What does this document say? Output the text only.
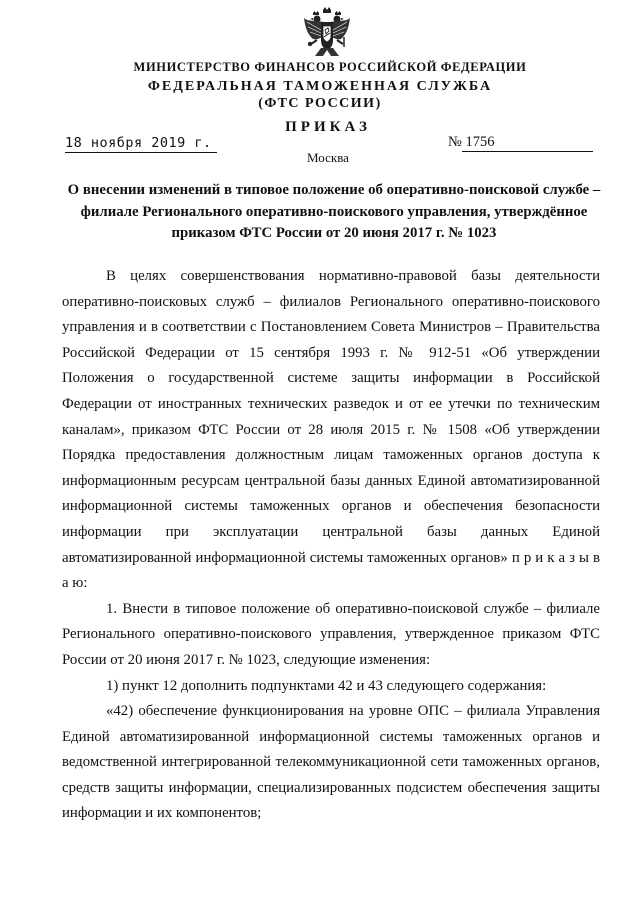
МИНИСТЕРСТВО ФИНАНСОВ РОССИЙСКОЙ ФЕДЕРАЦИИ
ФЕДЕРАЛЬНАЯ ТАМОЖЕННАЯ СЛУЖБА
(ФТС РОССИИ)
ПРИКАЗ
18 ноября 2019 г.	№ 1756
Москва
О внесении изменений в типовое положение об оперативно-поисковой службе – филиале Регионального оперативно-поискового управления, утверждённое приказом ФТС России от 20 июня 2017 г. № 1023

В целях совершенствования нормативно-правовой базы деятельности оперативно-поисковых служб – филиалов Регионального оперативно-поискового управления и в соответствии с Постановлением Совета Министров – Правительства Российской Федерации от 15 сентября 1993 г. № 912-51 «Об утверждении Положения о государственной системе защиты информации в Российской Федерации от иностранных технических разведок и от ее утечки по техническим каналам», приказом ФТС России от 28 июля 2015 г. № 1508 «Об утверждении Порядка предоставления должностным лицам таможенных органов доступа к информационным ресурсам центральной базы данных Единой автоматизированной информационной системы таможенных органов и обеспечения безопасности информации при эксплуатации центральной базы данных Единой автоматизированной информационной системы таможенных органов» п р и к а з ы в а ю:

1. Внести в типовое положение об оперативно-поисковой службе – филиале Регионального оперативно-поискового управления, утвержденное приказом ФТС России от 20 июня 2017 г. № 1023, следующие изменения:

1) пункт 12 дополнить подпунктами 42 и 43 следующего содержания:

«42) обеспечение функционирования на уровне ОПС – филиала Управления Единой автоматизированной информационной системы таможенных органов и ведомственной интегрированной телекоммуникационной сети таможенных органов, средств защиты информации, специализированных подсистем обеспечения защиты информации и их компонентов;
